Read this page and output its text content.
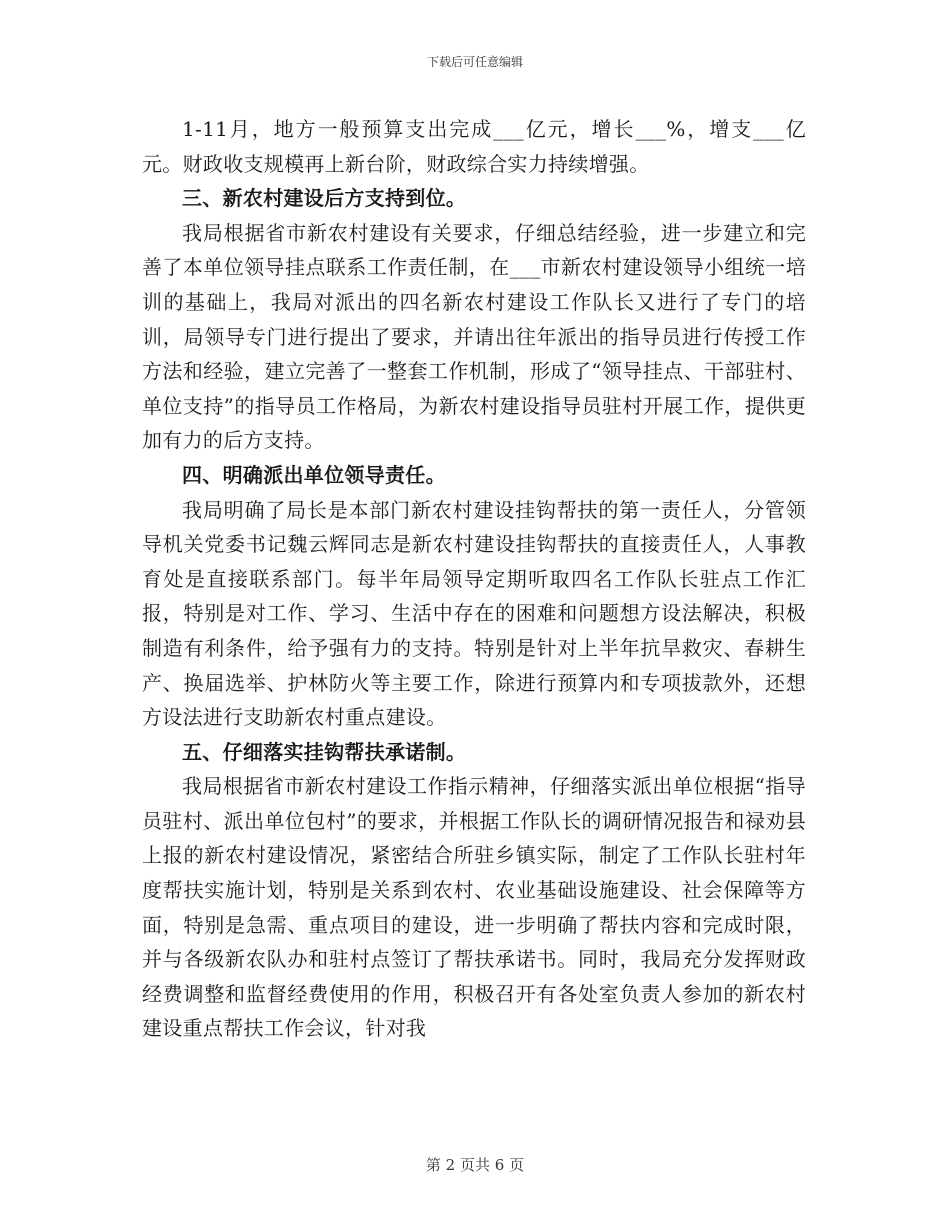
下载后可任意编辑

1-11月，地方一般预算支出完成___亿元，增长___%，增支___亿元。财政收支规模再上新台阶，财政综合实力持续增强。

三、新农村建设后方支持到位。

我局根据省市新农村建设有关要求，仔细总结经验，进一步建立和完善了本单位领导挂点联系工作责任制，在___市新农村建设领导小组统一培训的基础上，我局对派出的四名新农村建设工作队长又进行了专门的培训，局领导专门进行提出了要求，并请出往年派出的指导员进行传授工作方法和经验，建立完善了一整套工作机制，形成了“领导挂点、干部驻村、单位支持”的指导员工作格局，为新农村建设指导员驻村开展工作，提供更加有力的后方支持。

四、明确派出单位领导责任。

我局明确了局长是本部门新农村建设挂钩帮扶的第一责任人，分管领导机关党委书记魏云辉同志是新农村建设挂钩帮扶的直接责任人，人事教育处是直接联系部门。每半年局领导定期听取四名工作队长驻点工作汇报，特别是对工作、学习、生活中存在的困难和问题想方设法解决，积极制造有利条件，给予强有力的支持。特别是针对上半年抗旱救灾、春耕生产、换届选举、护林防火等主要工作，除进行预算内和专项拔款外，还想方设法进行支助新农村重点建设。

五、仔细落实挂钩帮扶承诺制。

我局根据省市新农村建设工作指示精神，仔细落实派出单位根据“指导员驻村、派出单位包村”的要求，并根据工作队长的调研情况报告和禄劝县上报的新农村建设情况，紧密结合所驻乡镇实际，制定了工作队长驻村年度帮扶实施计划，特别是关系到农村、农业基础设施建设、社会保障等方面，特别是急需、重点项目的建设，进一步明确了帮扶内容和完成时限，并与各级新农队办和驻村点签订了帮扶承诺书。同时，我局充分发挥财政经费调整和监督经费使用的作用，积极召开有各处室负责人参加的新农村建设重点帮扶工作会议，针对我

第 2 页共 6 页
